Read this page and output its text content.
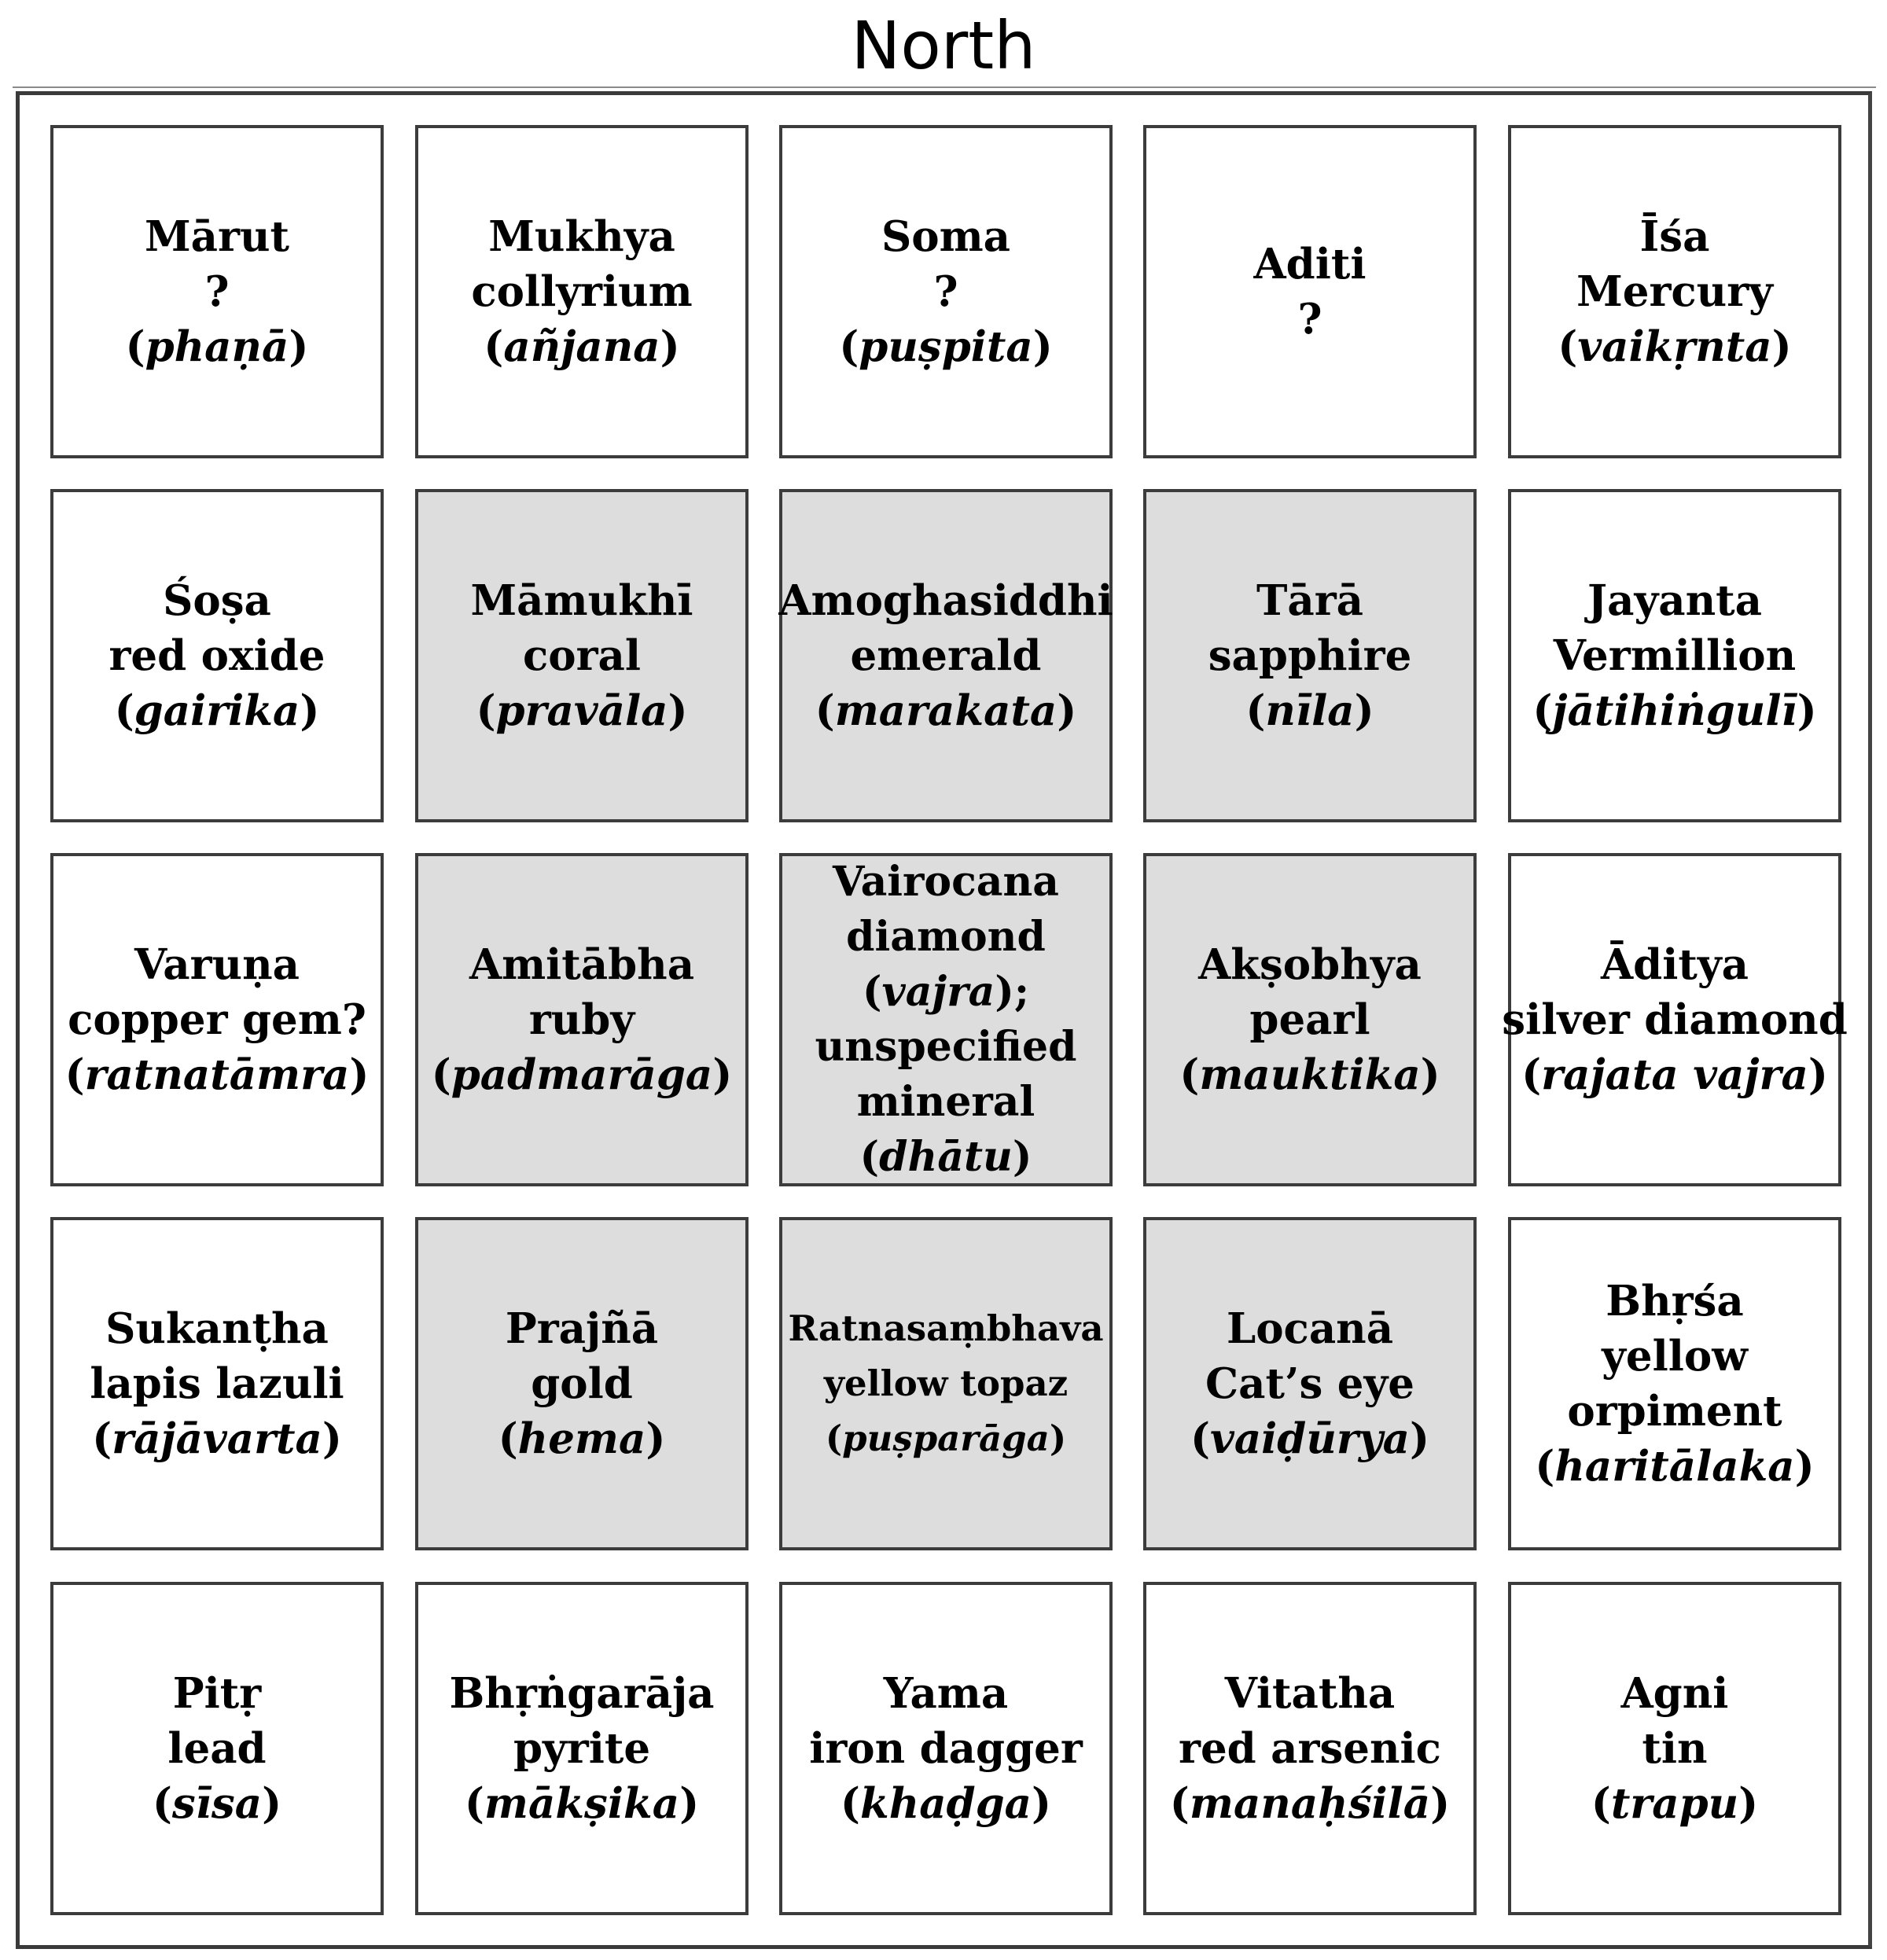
North
Mārut
?
(phaṇā)
Mukhya
collyrium
(añjana)
Soma
?
(puṣpita)
Aditi
?
Īśa
Mercury
(vaikṛnta)
Śoṣa
red oxide
(gairika)
Māmukhī
coral
(pravāla)
Amoghasiddhi
emerald
(marakata)
Tārā
sapphire
(nīla)
Jayanta
Vermillion
(jātihiṅgulī)
Varuṇa
copper gem?
(ratnatāmra)
Amitābha
ruby
(padmarāga)
Vairocana
diamond
(vajra);
unspecified
mineral
(dhātu)
Akṣobhya
pearl
(mauktika)
Āditya
silver diamond
(rajata vajra)
Sukanṭha
lapis lazuli
(rājāvarta)
Prajñā
gold
(hema)
Ratnasaṃbhava
yellow topaz
(puṣparāga)
Locanā
Cat’s eye
(vaiḍūrya)
Bhṛśa
yellow
orpiment
(haritālaka)
Pitṛ
lead
(sīsa)
Bhṛṅgarāja
pyrite
(mākṣika)
Yama
iron dagger
(khaḍga)
Vitatha
red arsenic
(manaḥśilā)
Agni
tin
(trapu)
